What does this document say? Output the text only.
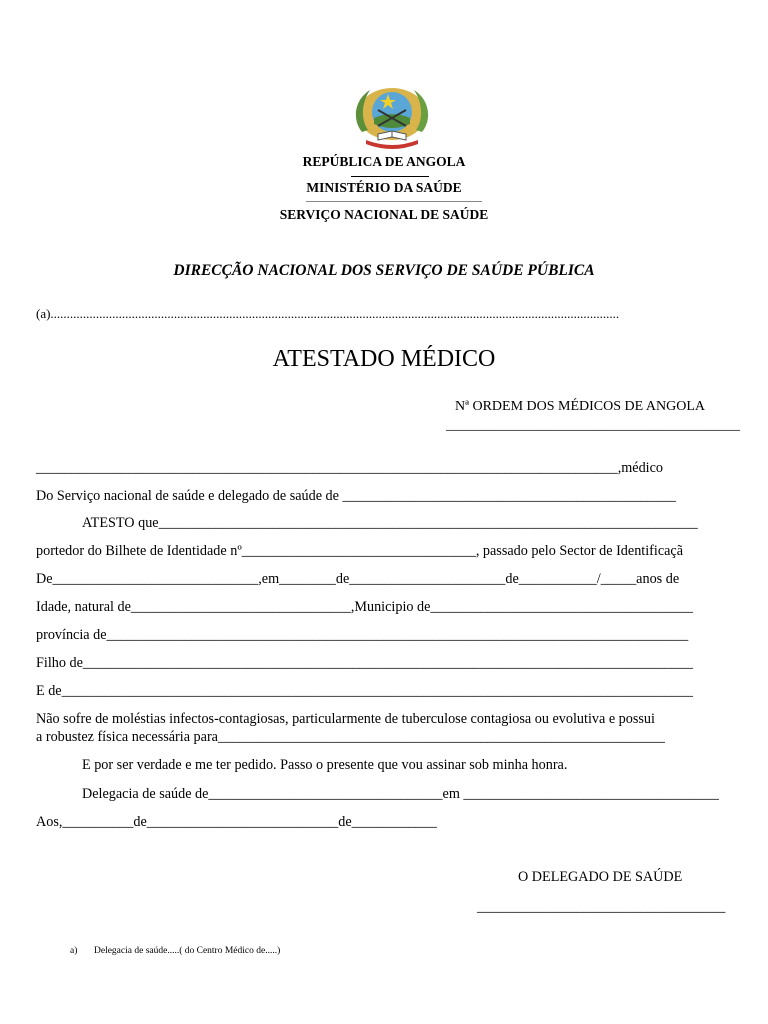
REPÚBLICA DE ANGOLA
MINISTÉRIO DA SAÚDE
SERVIÇO NACIONAL DE SAÚDE
DIRECÇÃO NACIONAL DOS SERVIÇO DE SAÚDE PÚBLICA
(a)...............................................................................................................................................................................
ATESTADO MÉDICO
Nª ORDEM DOS MÉDICOS DE ANGOLA
__________________________________________
__________________________________________________________________________________,médico
Do Serviço nacional de saúde e delegado de saúde de _______________________________________________
ATESTO que____________________________________________________________________________
portedor do Bilhete de Identidade nº_________________________________, passado pelo Sector de Identificaçã
De_____________________________,em________de______________________de___________/_____anos de
Idade, natural de_______________________________,Municipio de_____________________________________
província de__________________________________________________________________________________
Filho de______________________________________________________________________________________
E de_________________________________________________________________________________________
Não sofre de moléstias infectos-contagiosas, particularmente de tuberculose contagiosa ou evolutiva e possui
a robustez física necessária para_______________________________________________________________
E por ser verdade e me ter pedido. Passo o presente que vou assinar sob minha honra.
Delegacia de saúde de_________________________________em ____________________________________
Aos,__________de___________________________de____________
O DELEGADO DE SAÚDE
___________________________________
a) Delegacia de saúde.....( do Centro Médico de.....)
